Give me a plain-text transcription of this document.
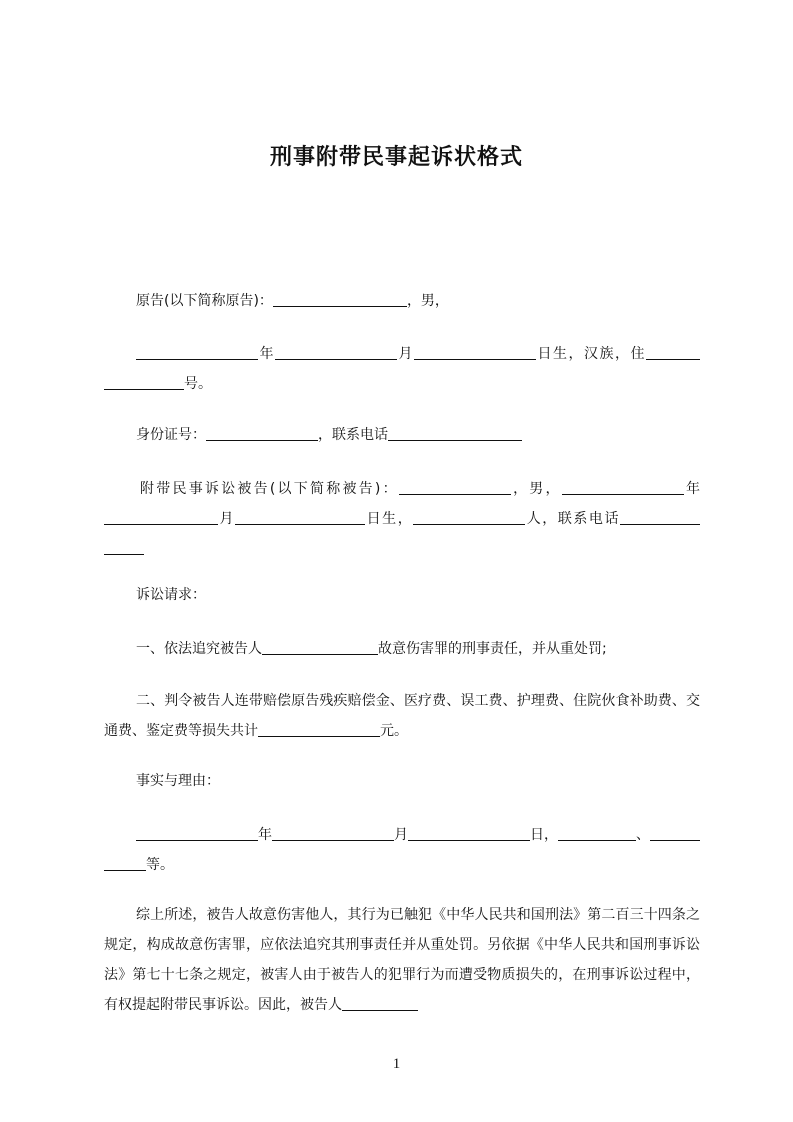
刑事附带民事起诉状格式
原告(以下简称原告)：	，男，
年	月	日生，汉族，住号。
身份证号：	，联系电话
附带民事诉讼被告(以下简称被告)：	，男，	年月	日生，	人，联系电话
诉讼请求：
一、依法追究被告人	故意伤害罪的刑事责任，并从重处罚;
二、判令被告人连带赔偿原告残疾赔偿金、医疗费、误工费、护理费、住院伙食补助费、交通费、鉴定费等损失共计	元。
事实与理由：
年	月	日，	、等。
综上所述，被告人故意伤害他人，其行为已触犯《中华人民共和国刑法》第二百三十四条之规定，构成故意伤害罪，应依法追究其刑事责任并从重处罚。另依据《中华人民共和国刑事诉讼法》第七十七条之规定，被害人由于被告人的犯罪行为而遭受物质损失的，在刑事诉讼过程中，有权提起附带民事诉讼。因此，被告人
1
